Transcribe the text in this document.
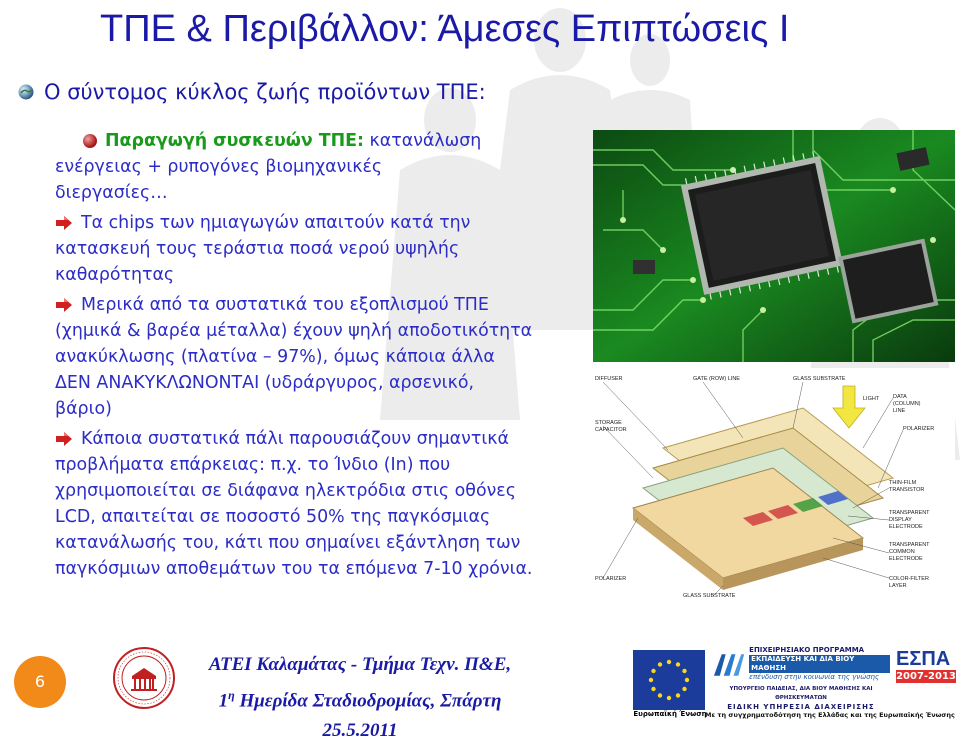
ΤΠΕ & Περιβάλλον: Άμεσες Επιπτώσεις Ι
Ο σύντομος κύκλος ζωής προϊόντων ΤΠΕ:

Παραγωγή συσκευών ΤΠΕ: κατανάλωση
ενέργειας + ρυπογόνες βιομηχανικές
διεργασίες…

Τα chips των ημιαγωγών απαιτούν κατά την
κατασκευή τους τεράστια ποσά νερού υψηλής
καθαρότητας

Μερικά από τα συστατικά του εξοπλισμού ΤΠΕ
(χημικά & βαρέα μέταλλα) έχουν ψηλή αποδοτικότητα
ανακύκλωσης (πλατίνα – 97%), όμως κάποια άλλα
ΔΕΝ ΑΝΑΚΥΚΛΩΝΟΝΤΑΙ (υδράργυρος, αρσενικό,
βάριο)

Κάποια συστατικά πάλι παρουσιάζουν σημαντικά
προβλήματα επάρκειας: π.χ. το Ίνδιο (In) που
χρησιμοποιείται σε διάφανα ηλεκτρόδια στις οθόνες
LCD, απαιτείται σε ποσοστό 50% της παγκόσμιας
κατανάλωσής του, κάτι που σημαίνει εξάντληση των
παγκόσμιων αποθεμάτων του τα επόμενα 7-10 χρόνια.

DIFFUSER	GATE (ROW) LINE	GLASS SUBSTRATE
LIGHT	DATA
(COLUMN)
LINE
STORAGE
CAPACITOR	POLARIZER
THIN-FILM
TRANSISTOR
TRANSPARENT
DISPLAY
ELECTRODE
TRANSPARENT
COMMON
ELECTRODE
POLARIZER	COLOR-FILTER
LAYER
GLASS SUBSTRATE
6
ΑΤΕΙ Καλαμάτας - Τμήμα Τεχν. Π&Ε,
$1^\eta$ Ημερίδα Σταδιοδρομίας, Σπάρτη 25.5.2011
Ευρωπαϊκή Ένωση
ΕΠΙΧΕΙΡΗΣΙΑΚΟ ΠΡΟΓΡΑΜΜΑ
ΕΚΠΑΙΔΕΥΣΗ ΚΑΙ ΔΙΑ ΒΙΟΥ ΜΑΘΗΣΗ
επένδυση στην κοινωνία της γνώσης
ΥΠΟΥΡΓΕΙΟ ΠΑΙΔΕΙΑΣ, ΔΙΑ ΒΙΟΥ ΜΑΘΗΣΗΣ ΚΑΙ ΘΡΗΣΚΕΥΜΑΤΩΝ
ΕΙΔΙΚΗ ΥΠΗΡΕΣΙΑ ΔΙΑΧΕΙΡΙΣΗΣ
ΕΣΠΑ
2007-2013
Με τη συγχρηματοδότηση της Ελλάδας και της Ευρωπαϊκής Ένωσης
